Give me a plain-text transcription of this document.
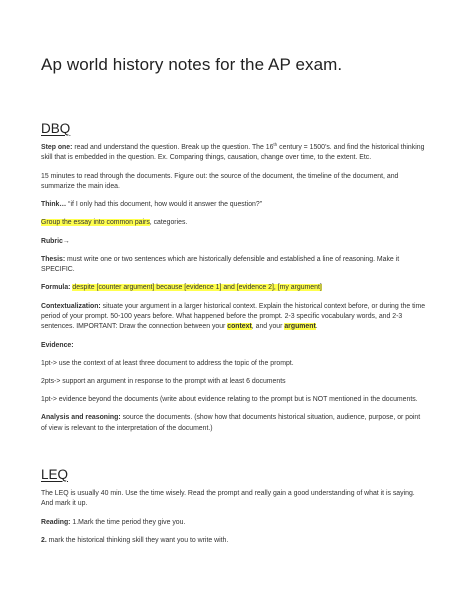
Ap world history notes for the AP exam.
DBQ

Step one: read and understand the question. Break up the question. The 16th century = 1500’s. and find the historical thinking skill that is embedded in the question. Ex. Comparing things, causation, change over time, to the extent. Etc.

15 minutes to read through the documents. Figure out: the source of the document, the timeline of the document, and summarize the main idea.

Think… “if I only had this document, how would it answer the question?”

Group the essay into common pairs, categories.

Rubric→

Thesis: must write one or two sentences which are historically defensible and established a line of reasoning. Make it SPECIFIC.

Formula: despite [counter argument] because [evidence 1] and [evidence 2], [my argument]

Contextualization: situate your argument in a larger historical context. Explain the historical context before, or during the time period of your prompt. 50-100 years before. What happened before the prompt. 2-3 specific vocabulary words, and 2-3 sentences. IMPORTANT: Draw the connection between your context, and your argument.

Evidence:

1pt-> use the context of at least three document to address the topic of the prompt.

2pts-> support an argument in response to the prompt with at least 6 documents

1pt-> evidence beyond the documents (write about evidence relating to the prompt but is NOT mentioned in the documents.

Analysis and reasoning: source the documents. (show how that documents historical situation, audience, purpose, or point of view is relevant to the interpretation of the document.)

LEQ

The LEQ is usually 40 min. Use the time wisely. Read the prompt and really gain a good understanding of what it is saying. And mark it up.

Reading: 1.Mark the time period they give you.

2. mark the historical thinking skill they want you to write with.
